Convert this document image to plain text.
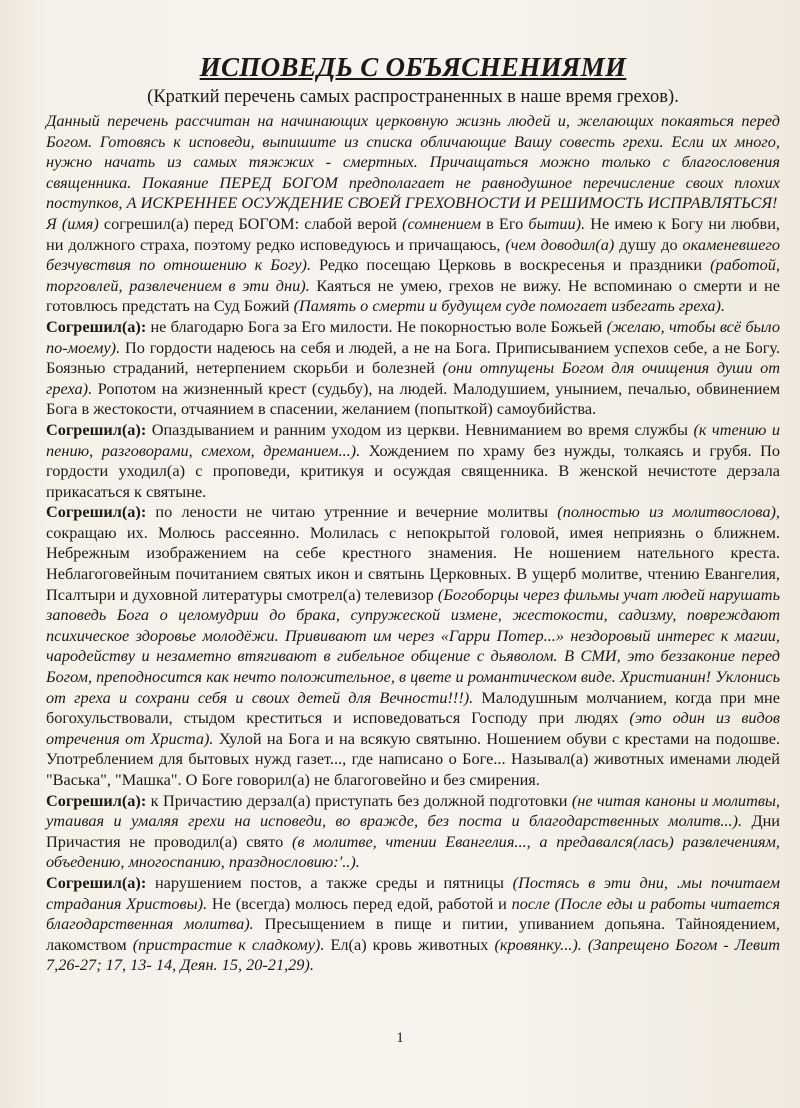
ИСПОВЕДЬ С ОБЪЯСНЕНИЯМИ

(Краткий перечень самых распространенных в наше время грехов).

Данный перечень рассчитан на начинающих церковную жизнь людей и, желающих покаяться перед Богом. Готовясь к исповеди, выпишите из списка обличающие Вашу совесть грехи. Если их много, нужно начать из самых тяжжих - смертных. Причащаться можно только с благословения священника. Покаяние ПЕРЕД БОГОМ предполагает не равнодушное перечисление своих плохих поступков, А ИСКРЕННЕЕ ОСУЖДЕНИЕ СВОЕЙ ГРЕХОВНОСТИ И РЕШИМОСТЬ ИСПРАВЛЯТЬСЯ!

Я (имя) согрешил(а) перед БОГОМ: слабой верой (сомнением в Его бытии). Не имею к Богу ни любви, ни должного страха, поэтому редко исповедуюсь и причащаюсь, (чем доводил(а) душу до окаменевшего безчувствия по отношению к Богу). Редко посещаю Церковь в воскресенья и праздники (работой, торговлей, развлечением в эти дни). Каяться не умею, грехов не вижу. Не вспоминаю о смерти и не готовлюсь предстать на Суд Божий (Память о смерти и будущем суде помогает избегать греха).

Согрешил(а): не благодарю Бога за Его милости. Не покорностью воле Божьей (желаю, чтобы всё было по-моему). По гордости надеюсь на себя и людей, а не на Бога. Приписыванием успехов себе, а не Богу. Боязнью страданий, нетерпением скорьби и болезней (они отпущены Богом для очищения души от греха). Ропотом на жизненный крест (судьбу), на людей. Малодушием, унынием, печалью, обвинением Бога в жестокости, отчаянием в спасении, желанием (попыткой) самоубийства.

Согрешил(а): Опаздыванием и ранним уходом из церкви. Невниманием во время службы (к чтению и пению, разговорами, смехом, дреманием...). Хождением по храму без нужды, толкаясь и грубя. По гордости уходил(а) с проповеди, критикуя и осуждая священника. В женской нечистоте дерзала прикасаться к святыне.

Согрешил(а): по лености не читаю утренние и вечерние молитвы (полностью из молитвослова), сокращаю их. Молюсь рассеянно. Молилась с непокрытой головой, имея неприязнь о ближнем. Небрежным изображением на себе крестного знамения. Не ношением нательного креста. Неблагоговейным почитанием святых икон и святынь Церковных. В ущерб молитве, чтению Евангелия, Псалтыри и духовной литературы смотрел(а) телевизор (Богоборцы через фильмы учат людей нарушать заповедь Бога о целомудрии до брака, супружеской измене, жестокости, садизму, повреждают психическое здоровье молодёжи. Прививают им через «Гарри Потер...» нездоровый интерес к магии, чародейству и незаметно втягивают в гибельное общение с дьяволом. В СМИ, это беззаконие перед Богом, преподносится как нечто положительное, в цвете и романтическом виде. Христианин! Уклонись от греха и сохрани себя и своих детей для Вечности!!!). Малодушным молчанием, когда при мне богохульствовали, стыдом креститься и исповедоваться Господу при людях (это один из видов отречения от Христа). Хулой на Бога и на всякую святыню. Ношением обуви с крестами на подошве. Употреблением для бытовых нужд газет..., где написано о Боге... Называл(а) животных именами людей "Васька", "Машка". О Боге говорил(а) не благоговейно и без смирения.

Согрешил(а): к Причастию дерзал(а) приступать без должной подготовки (не читая каноны и молитвы, утаивая и умаляя грехи на исповеди, во вражде, без поста и благодарственных молитв...). Дни Причастия не проводил(а) свято (в молитве, чтении Евангелия..., а предавался(лась) развлечениям, объедению, многоспанию, празднословию:'..).

Согрешил(а): нарушением постов, а также среды и пятницы (Постясь в эти дни, .мы почитаем страдания Христовы). Не (всегда) молюсь перед едой, работой и после (После еды и работы читается благодарственная молитва). Пресыщением в пище и питии, упиванием допьяна. Тайноядением, лакомством (пристрастие к сладкому). Ел(а) кровь животных (кровянку...). (Запрещено Богом - Левит 7,26-27; 17, 13- 14, Деян. 15, 20-21,29).

1
